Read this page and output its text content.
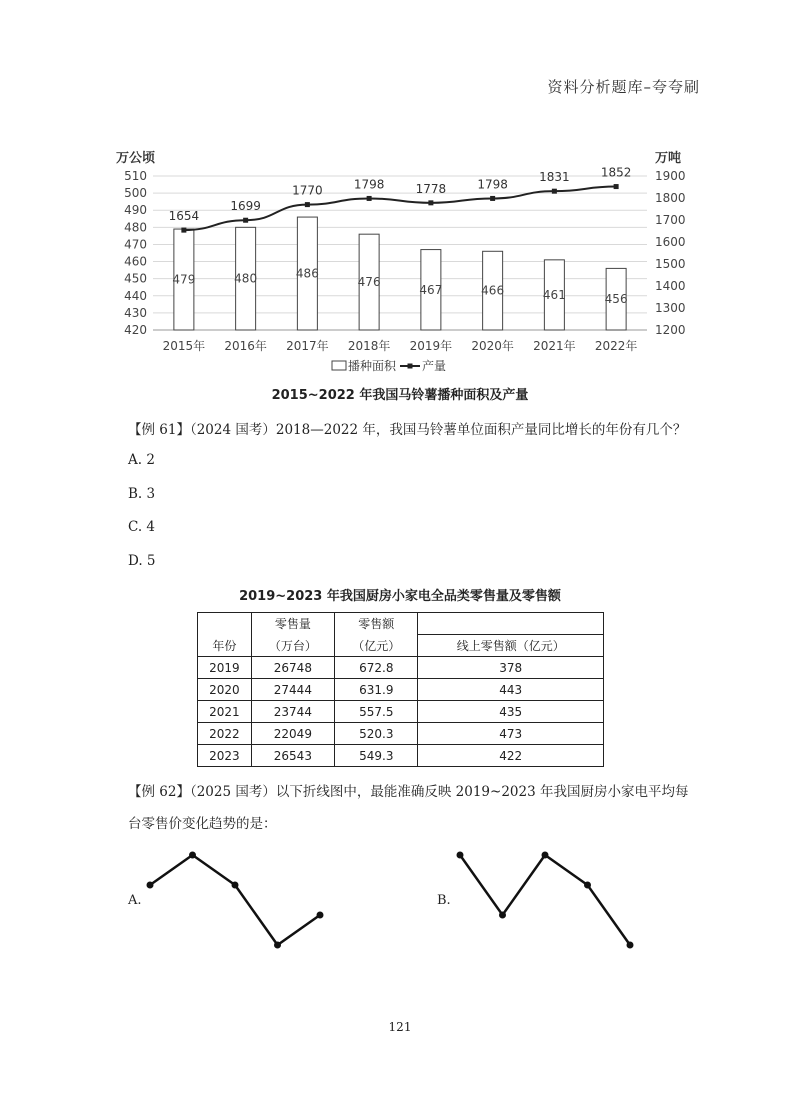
资料分析题库–夸夸刷
420
430
440
450
460
470
480
490
500
510
1200
1300
1400
1500
1600
1700
1800
1900
万公顷	万吨
479	480	486
476
467	466	461	456
1654
1699
1770	1798	1778	1798
1831	1852
2015年 2016年 2017年 2018年 2019年 2020年 2021年 2022年
播种面积 产量
2015~2022 年我国马铃薯播种面积及产量
【例 61】（2024 国考）2018—2022 年，我国马铃薯单位面积产量同比增长的年份有几个？
A. 2
B. 3
C. 4
D. 5
2019~2023 年我国厨房小家电全品类零售量及零售额
	零售量	零售额	
年份	（万台）	（亿元）	线上零售额（亿元）
2019	26748	672.8	378
2020	27444	631.9	443
2021	23744	557.5	435
2022	22049	520.3	473
2023	26543	549.3	422
【例 62】（2025 国考）以下折线图中，最能准确反映 2019~2023 年我国厨房小家电平均每
台零售价变化趋势的是：
A.	B.
121
